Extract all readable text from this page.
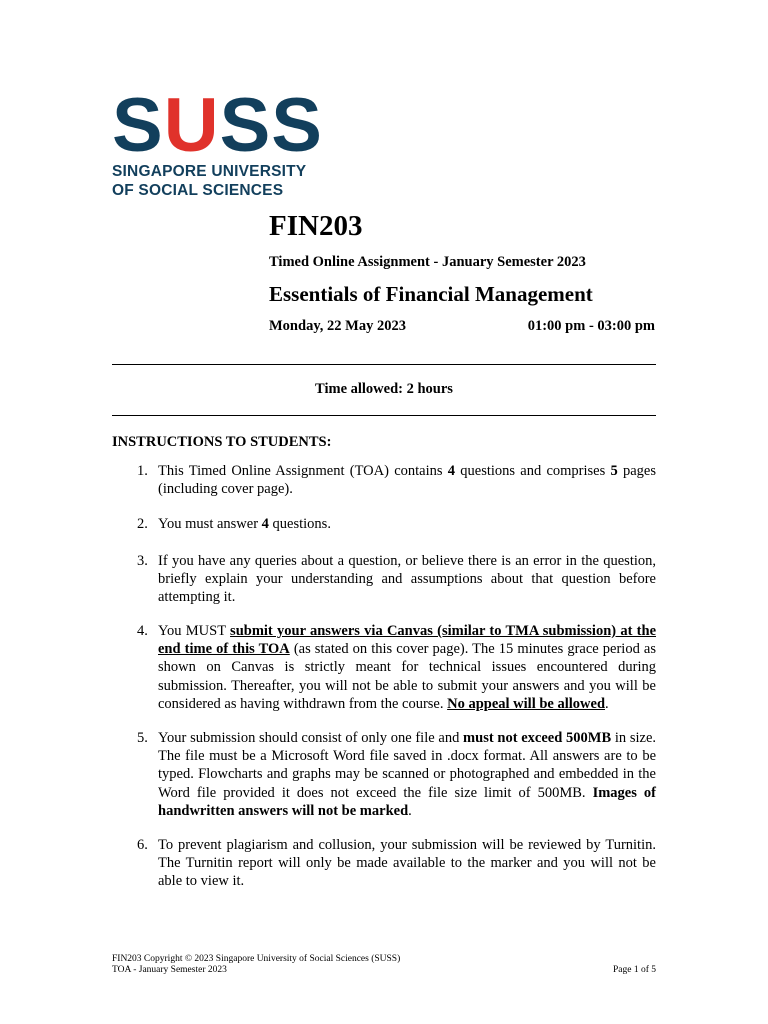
SUSS
SINGAPORE UNIVERSITY
OF SOCIAL SCIENCES
FIN203
Timed Online Assignment - January Semester 2023
Essentials of Financial Management
Monday, 22 May 2023	01:00 pm - 03:00 pm
Time allowed: 2 hours
INSTRUCTIONS TO STUDENTS:
1. This Timed Online Assignment (TOA) contains 4 questions and comprises 5 pages (including cover page).
2. You must answer 4 questions.
3. If you have any queries about a question, or believe there is an error in the question, briefly explain your understanding and assumptions about that question before attempting it.
4. You MUST submit your answers via Canvas (similar to TMA submission) at the end time of this TOA (as stated on this cover page). The 15 minutes grace period as shown on Canvas is strictly meant for technical issues encountered during submission. Thereafter, you will not be able to submit your answers and you will be considered as having withdrawn from the course. No appeal will be allowed.
5. Your submission should consist of only one file and must not exceed 500MB in size. The file must be a Microsoft Word file saved in .docx format. All answers are to be typed. Flowcharts and graphs may be scanned or photographed and embedded in the Word file provided it does not exceed the file size limit of 500MB. Images of handwritten answers will not be marked.
6. To prevent plagiarism and collusion, your submission will be reviewed by Turnitin. The Turnitin report will only be made available to the marker and you will not be able to view it.
FIN203 Copyright © 2023 Singapore University of Social Sciences (SUSS)
TOA - January Semester 2023	Page 1 of 5
